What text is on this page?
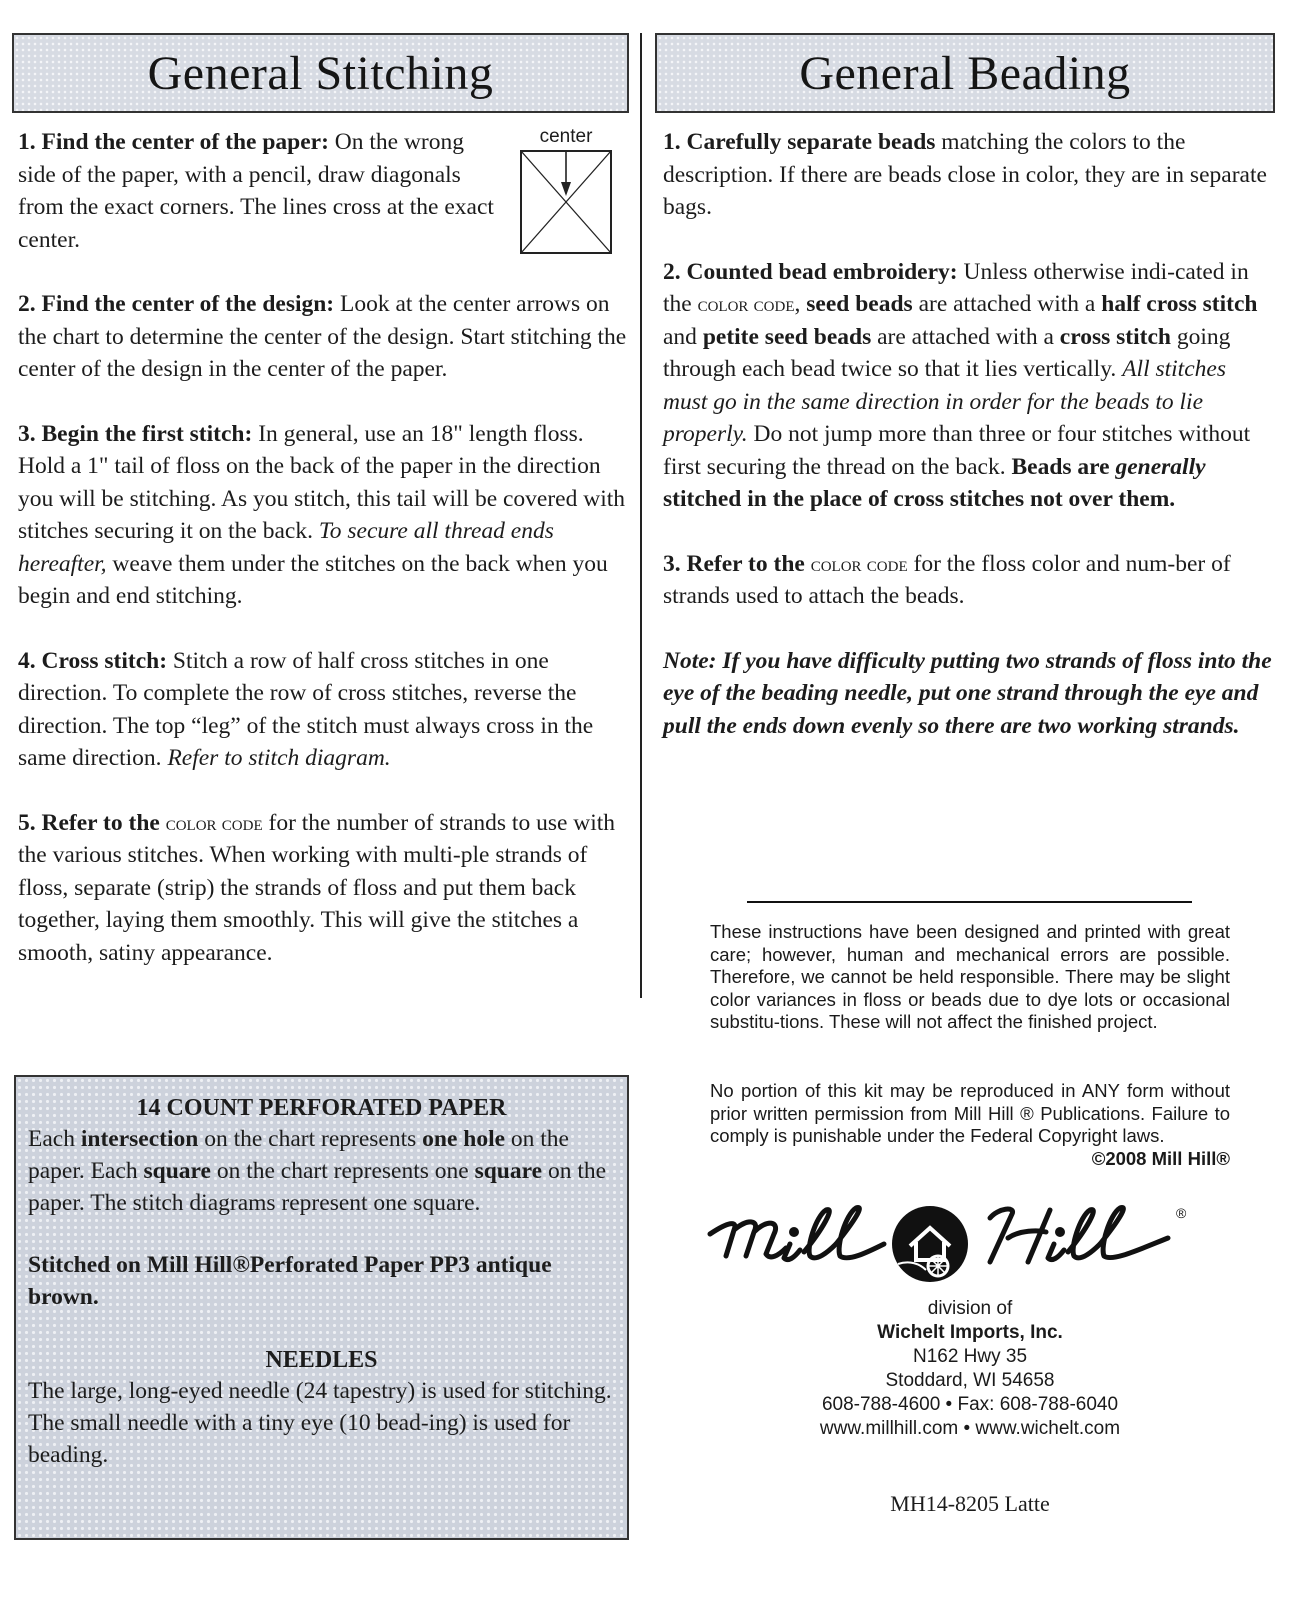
General Stitching	General Beading

center
1. Find the center of the paper: On the wrong side of the paper, with a pencil, draw diagonals from the exact corners. The lines cross at the exact center.

2. Find the center of the design: Look at the center arrows on the chart to determine the center of the design. Start stitching the center of the design in the center of the paper.

3. Begin the first stitch: In general, use an 18" length floss. Hold a 1" tail of floss on the back of the paper in the direction you will be stitching. As you stitch, this tail will be covered with stitches securing it on the back. To secure all thread ends hereafter, weave them under the stitches on the back when you begin and end stitching.

4. Cross stitch: Stitch a row of half cross stitches in one direction. To complete the row of cross stitches, reverse the direction. The top “leg” of the stitch must always cross in the same direction. Refer to stitch diagram.

5. Refer to the color code for the number of strands to use with the various stitches. When working with multi-ple strands of floss, separate (strip) the strands of floss and put them back together, laying them smoothly. This will give the stitches a smooth, satiny appearance.

1. Carefully separate beads matching the colors to the description. If there are beads close in color, they are in separate bags.

2. Counted bead embroidery: Unless otherwise indi-cated in the color code, seed beads are attached with a half cross stitch and petite seed beads are attached with a cross stitch going through each bead twice so that it lies vertically. All stitches must go in the same direction in order for the beads to lie properly. Do not jump more than three or four stitches without first securing the thread on the back. Beads are generally stitched in the place of cross stitches not over them.

3. Refer to the color code for the floss color and num-ber of strands used to attach the beads.

Note: If you have difficulty putting two strands of floss into the eye of the beading needle, put one strand through the eye and pull the ends down evenly so there are two working strands.

These instructions have been designed and printed with great care; however, human and mechanical errors are possible. Therefore, we cannot be held responsible. There may be slight color variances in floss or beads due to dye lots or occasional substitu-tions. These will not affect the finished project.
No portion of this kit may be reproduced in ANY form without prior written permission from Mill Hill ® Publications. Failure to comply is punishable under the Federal Copyright laws.
©2008 Mill Hill®
®
division of
Wichelt Imports, Inc.
N162 Hwy 35
Stoddard, WI 54658
608-788-4600 • Fax: 608-788-6040
www.millhill.com • www.wichelt.com
MH14-8205 Latte
14 COUNT PERFORATED PAPER

Each intersection on the chart represents one hole on the paper. Each square on the chart represents one square on the paper. The stitch diagrams represent one square.

Stitched on Mill Hill®Perforated Paper PP3 antique brown.

NEEDLES

The large, long-eyed needle (24 tapestry) is used for stitching. The small needle with a tiny eye (10 bead-ing) is used for beading.
